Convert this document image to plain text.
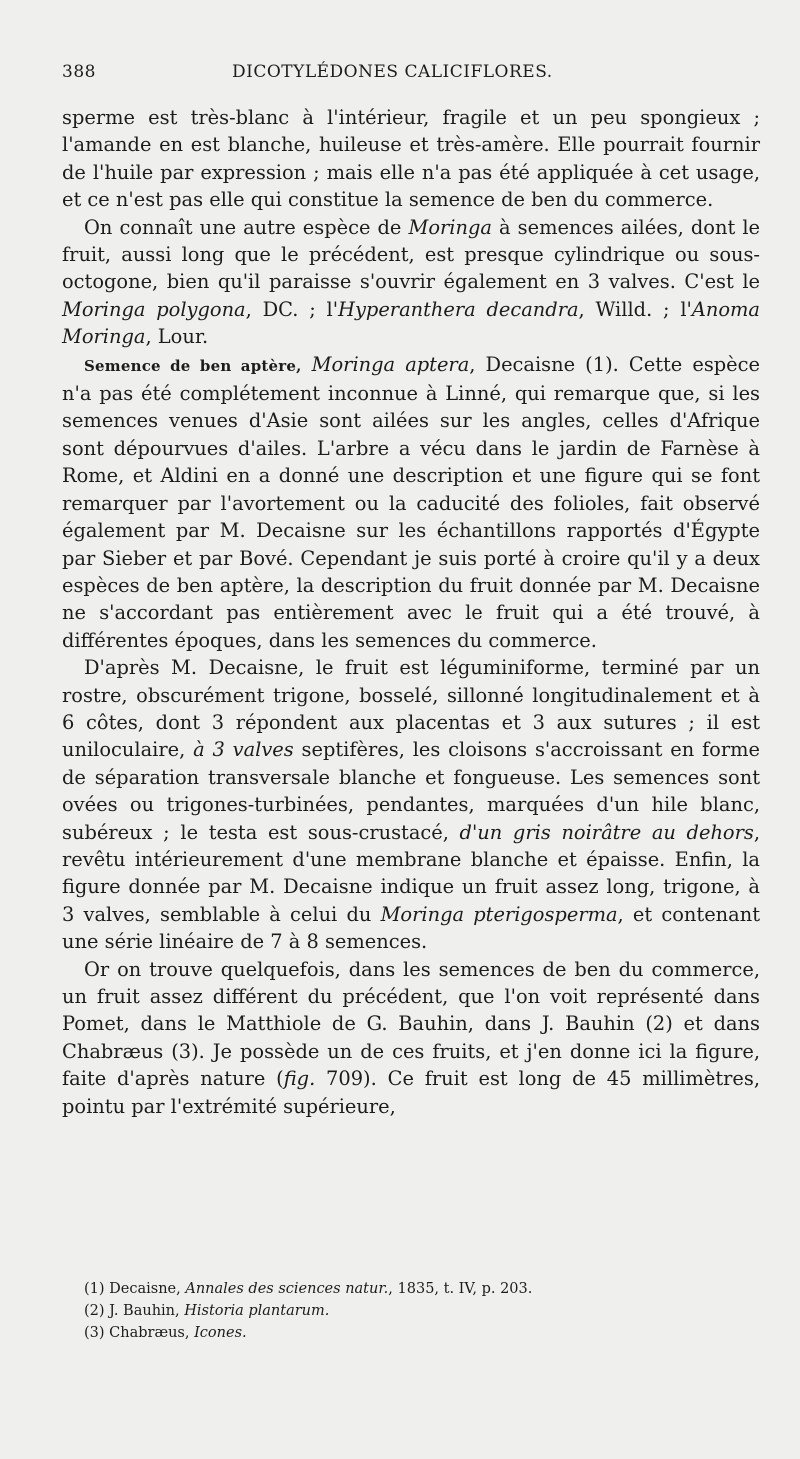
388	DICOTYLÉDONES CALICIFLORES.

sperme est très-blanc à l'intérieur, fragile et un peu spongieux ; l'amande en est blanche, huileuse et très-amère. Elle pourrait fournir de l'huile par expression ; mais elle n'a pas été appliquée à cet usage, et ce n'est pas elle qui constitue la semence de ben du commerce.

On connaît une autre espèce de Moringa à semences ailées, dont le fruit, aussi long que le précédent, est presque cylindrique ou sous-octogone, bien qu'il paraisse s'ouvrir également en 3 valves. C'est le Moringa polygona, DC. ; l'Hyperanthera decandra, Willd. ; l'Anoma Moringa, Lour.

Semence de ben aptère, Moringa aptera, Decaisne (1). Cette espèce n'a pas été complétement inconnue à Linné, qui remarque que, si les semences venues d'Asie sont ailées sur les angles, celles d'Afrique sont dépourvues d'ailes. L'arbre a vécu dans le jardin de Farnèse à Rome, et Aldini en a donné une description et une figure qui se font remarquer par l'avortement ou la caducité des folioles, fait observé également par M. Decaisne sur les échantillons rapportés d'Égypte par Sieber et par Bové. Cependant je suis porté à croire qu'il y a deux espèces de ben aptère, la description du fruit donnée par M. Decaisne ne s'accordant pas entièrement avec le fruit qui a été trouvé, à différentes époques, dans les semences du commerce.

D'après M. Decaisne, le fruit est léguminiforme, terminé par un rostre, obscurément trigone, bosselé, sillonné longitudinalement et à 6 côtes, dont 3 répondent aux placentas et 3 aux sutures ; il est uniloculaire, à 3 valves septifères, les cloisons s'accroissant en forme de séparation transversale blanche et fongueuse. Les semences sont ovées ou trigones-turbinées, pendantes, marquées d'un hile blanc, subéreux ; le testa est sous-crustacé, d'un gris noirâtre au dehors, revêtu intérieurement d'une membrane blanche et épaisse. Enfin, la figure donnée par M. Decaisne indique un fruit assez long, trigone, à 3 valves, semblable à celui du Moringa pterigosperma, et contenant une série linéaire de 7 à 8 semences.

Or on trouve quelquefois, dans les semences de ben du commerce, un fruit assez différent du précédent, que l'on voit représenté dans Pomet, dans le Matthiole de G. Bauhin, dans J. Bauhin (2) et dans Chabræus (3). Je possède un de ces fruits, et j'en donne ici la figure, faite d'après nature (fig. 709). Ce fruit est long de 45 millimètres, pointu par l'extrémité supérieure,

(1) Decaisne, Annales des sciences natur., 1835, t. IV, p. 203.
(2) J. Bauhin, Historia plantarum.
(3) Chabræus, Icones.
